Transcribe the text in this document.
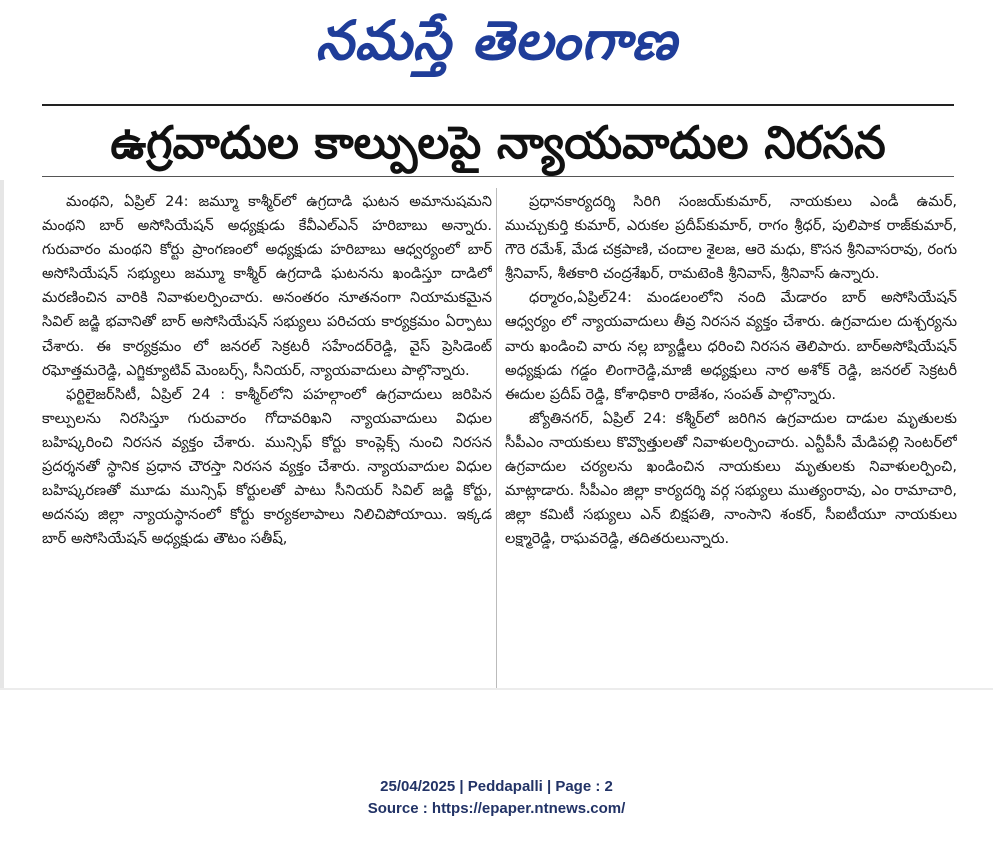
నమస్తే తెలంగాణ
ఉగ్రవాదుల కాల్పులపై న్యాయవాదుల నిరసన

మంథని, ఏప్రిల్ 24: జమ్మూ కాశ్మీర్‌లో ఉగ్రదాడి ఘటన అమానుషమని మంథని బార్ అసోసియేషన్ అధ్యక్షుడు కేవీఎల్ఎన్ హరిబాబు అన్నారు. గురువారం మంథని కోర్టు ప్రాంగణంలో అధ్యక్షుడు హరిబాబు ఆధ్వర్యంలో బార్ అసోసియేషన్ సభ్యులు జమ్మూ కాశ్మీర్ ఉగ్రదాడి ఘటనను ఖండిస్తూ దాడిలో మరణించిన వారికి నివాళులర్పించారు. అనంతరం నూతనంగా నియామకమైన సివిల్ జడ్జి భవానితో బార్ అసోసియేషన్ సభ్యులు పరిచయ కార్యక్రమం ఏర్పాటు చేశారు. ఈ కార్యక్రమం లో జనరల్ సెక్రటరీ సహేందర్‌రెడ్డి, వైస్ ప్రెసిడెంట్ రఘోత్తమరెడ్డి, ఎగ్జిక్యూటివ్ మెంబర్స్, సీనియర్, న్యాయవాదులు పాల్గొన్నారు.

ఫర్టిలైజర్‌సిటీ, ఏప్రిల్ 24 : కాశ్మీర్‌లోని పహల్గాంలో ఉగ్రవాదులు జరిపిన కాల్పులను నిరసిస్తూ గురువారం గోదావరిఖని న్యాయవాదులు విధుల బహిష్కరించి నిరసన వ్యక్తం చేశారు. మున్సిఫ్ కోర్టు కాంప్లెక్స్ నుంచి నిరసన ప్రదర్శనతో స్థానిక ప్రధాన చౌరస్తా నిరసన వ్యక్తం చేశారు. న్యాయవాదుల విధుల బహిష్కరణతో మూడు మున్సిఫ్ కోర్టులతో పాటు సీనియర్ సివిల్ జడ్జి కోర్టు, అదనపు జిల్లా న్యాయస్థానంలో కోర్టు కార్యకలాపాలు నిలిచిపోయాయి. ఇక్కడ బార్ అసోసియేషన్ అధ్యక్షుడు తౌటం సతీష్,

ప్రధానకార్యదర్శి సిరిగి సంజయ్‌కుమార్, నాయకులు ఎండీ ఉమర్, ముచ్చుకుర్తి కుమార్, ఎరుకల ప్రదీప్‌కుమార్, రాగం శ్రీధర్, పులిపాక రాజ్‌కుమార్, గౌరె రమేశ్, మేడ చక్రపాణి, చందాల శైలజ, ఆరె మధు, కొసన శ్రీనివాసరావు, రంగు శ్రీనివాస్, శీతకారి చంద్రశేఖర్, రామటెంకి శ్రీనివాస్, శ్రీనివాస్ ఉన్నారు.

ధర్మారం,ఏప్రిల్24: మండలంలోని నంది మేడారం బార్ అసోసియేషన్ ఆధ్వర్యం లో న్యాయవాదులు తీవ్ర నిరసన వ్యక్తం చేశారు. ఉగ్రవాదుల దుశ్చర్యను వారు ఖండించి వారు నల్ల బ్యాడ్జీలు ధరించి నిరసన తెలిపారు. బార్‌అసోషియేషన్ అధ్యక్షుడు గడ్డం లింగారెడ్డి,మాజీ అధ్యక్షులు నార అశోక్ రెడ్డి, జనరల్ సెక్రటరీ ఈదుల ప్రదీప్ రెడ్డి, కోశాధికారి రాజేశం, సంపత్ పాల్గొన్నారు.

జ్యోతినగర్, ఏప్రిల్ 24: కశ్మీర్‌లో జరిగిన ఉగ్రవాదుల దాడుల మృతులకు సీపీఎం నాయకులు కొవ్వొత్తులతో నివాళులర్పించారు. ఎన్టీపీసీ మేడిపల్లి సెంటర్‌లో ఉగ్రవాదుల చర్యలను ఖండించిన నాయకులు మృతులకు నివాళులర్పించి, మాట్లాడారు. సీపీఎం జిల్లా కార్యదర్శి వర్గ సభ్యులు ముత్యంరావు, ఎం రామాచారి, జిల్లా కమిటీ సభ్యులు ఎన్ బిక్షపతి, నాంసాని శంకర్, సీఐటీయూ నాయకులు లక్ష్మారెడ్డి, రాఘవరెడ్డి, తదితరులున్నారు.

25/04/2025 | Peddapalli | Page : 2
Source : https://epaper.ntnews.com/
